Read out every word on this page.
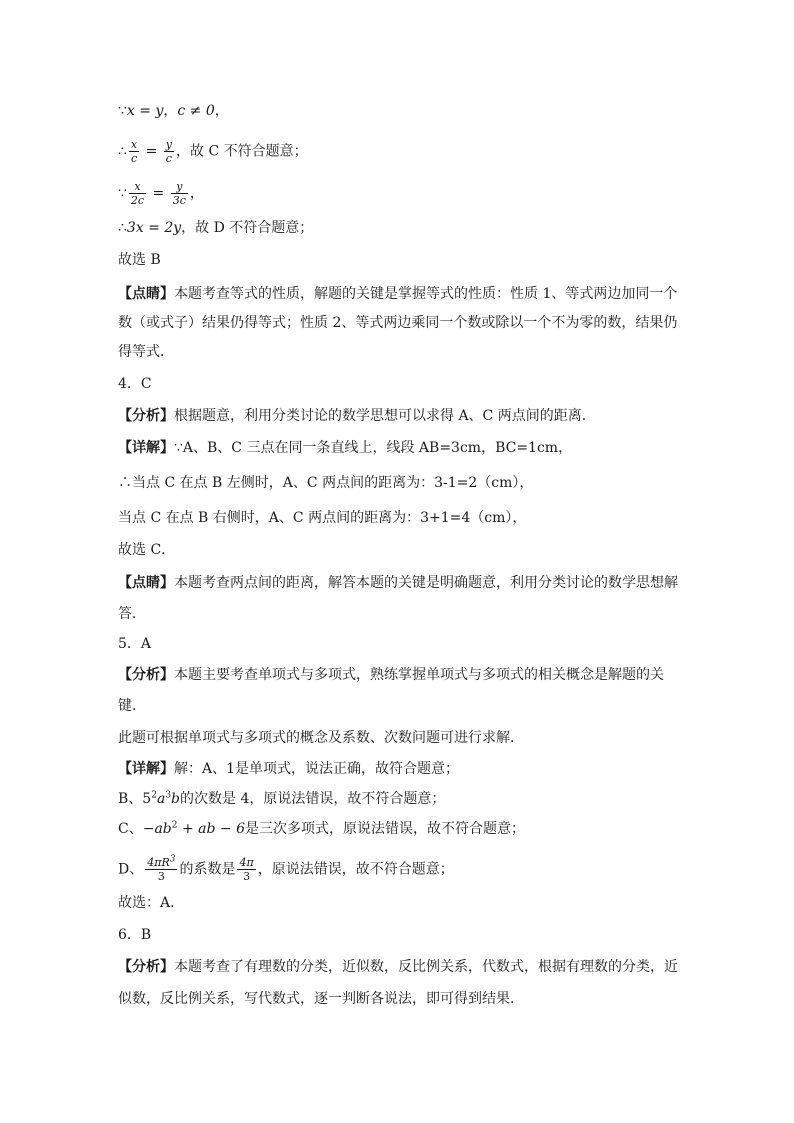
∵x = y，c ≠ 0，
∴ $\frac{x}{c} = \frac{y}{c}$ ，故 C 不符合题意；
∵ $\frac{x}{2c} = \frac{y}{3c}$ ，
∴3x = 2y，故 D 不符合题意；
故选 B
【点睛】本题考查等式的性质，解题的关键是掌握等式的性质：性质 1、等式两边加同一个
数（或式子）结果仍得等式；性质 2、等式两边乘同一个数或除以一个不为零的数，结果仍
得等式．
4．C
【分析】根据题意，利用分类讨论的数学思想可以求得 A、C 两点间的距离．
【详解】∵A、B、C 三点在同一条直线上，线段 AB=3cm，BC=1cm，
∴当点 C 在点 B 左侧时，A、C 两点间的距离为：3-1=2（cm），
当点 C 在点 B 右侧时，A、C 两点间的距离为：3+1=4（cm），
故选 C．
【点睛】本题考查两点间的距离，解答本题的关键是明确题意，利用分类讨论的数学思想解
答．
5．A
【分析】本题主要考查单项式与多项式，熟练掌握单项式与多项式的相关概念是解题的关
键．
此题可根据单项式与多项式的概念及系数、次数问题可进行求解．
【详解】解：A、1是单项式，说法正确，故符合题意；
B、$5^2a^3b$的次数是 4，原说法错误，故不符合题意；
C、$-ab^2$ + ab − 6是三次多项式，原说法错误，故不符合题意；
D、 $\frac{4\pi R^3}{3}$ 的系数是 $\frac{4\pi}{3}$ ，原说法错误，故不符合题意；
故选：A．
6．B
【分析】本题考查了有理数的分类，近似数，反比例关系，代数式，根据有理数的分类，近
似数，反比例关系，写代数式，逐一判断各说法，即可得到结果．
